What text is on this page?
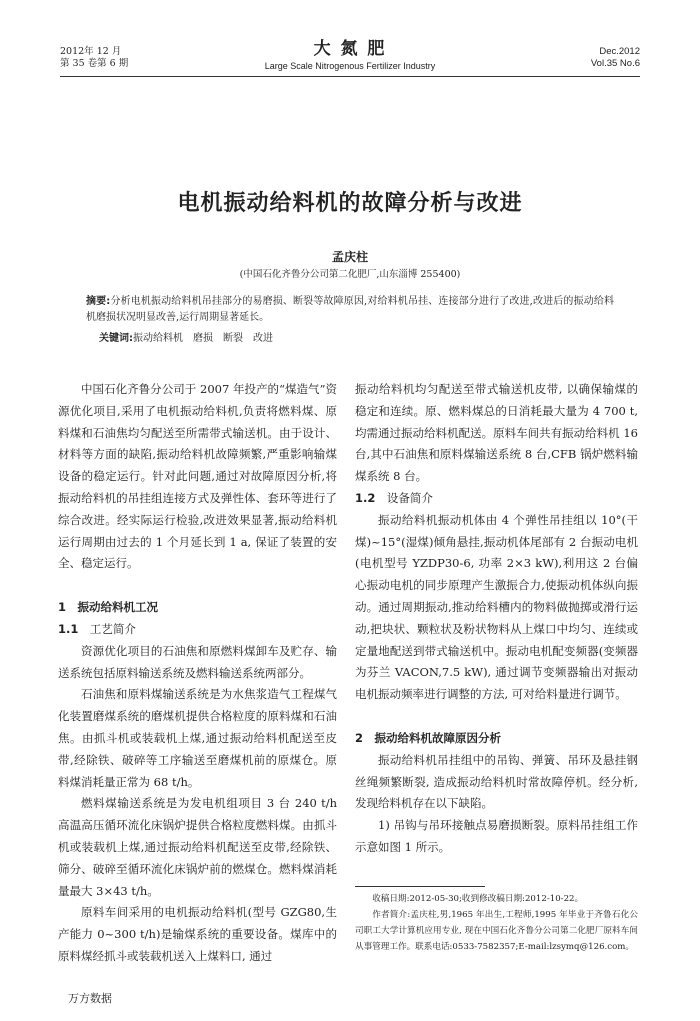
2012年 12 月
第 35 卷第 6 期
大 氮 肥
Large Scale Nitrogenous Fertilizer Industry
Dec.2012
Vol.35 No.6
电机振动给料机的故障分析与改进
孟庆柱
(中国石化齐鲁分公司第二化肥厂,山东淄博 255400)
摘要:分析电机振动给料机吊挂部分的易磨损、断裂等故障原因,对给料机吊挂、连接部分进行了改进,改进后的振动给料机磨损状况明显改善,运行周期显著延长。
关键词:振动给料机　磨损　断裂　改进

中国石化齐鲁分公司于 2007 年投产的“煤造气”资源优化项目,采用了电机振动给料机,负责将燃料煤、原料煤和石油焦均匀配送至所需带式输送机。由于设计、材料等方面的缺陷,振动给料机故障频繁,严重影响输煤设备的稳定运行。针对此问题,通过对故障原因分析,将振动给料机的吊挂组连接方式及弹性体、套环等进行了综合改进。经实际运行检验,改进效果显著,振动给料机运行周期由过去的 1 个月延长到 1 a, 保证了装置的安全、稳定运行。

1　 振动给料机工况
1.1　 工艺简介

资源优化项目的石油焦和原燃料煤卸车及贮存、输送系统包括原料输送系统及燃料输送系统两部分。

石油焦和原料煤输送系统是为水焦浆造气工程煤气化装置磨煤系统的磨煤机提供合格粒度的原料煤和石油焦。由抓斗机或装载机上煤,通过振动给料机配送至皮带,经除铁、破碎等工序输送至磨煤机前的原煤仓。原料煤消耗量正常为 68 t/h。

燃料煤输送系统是为发电机组项目 3 台 240 t/h 高温高压循环流化床锅炉提供合格粒度燃料煤。由抓斗机或装载机上煤,通过振动给料机配送至皮带,经除铁、筛分、破碎至循环流化床锅炉前的燃煤仓。燃料煤消耗量最大 3×43 t/h。

原料车间采用的电机振动给料机(型号 GZG80,生产能力 0~300 t/h)是输煤系统的重要设备。煤库中的原料煤经抓斗或装载机送入上煤料口, 通过

振动给料机均匀配送至带式输送机皮带, 以确保输煤的稳定和连续。原、燃料煤总的日消耗最大量为 4 700 t,均需通过振动给料机配送。原料车间共有振动给料机 16 台,其中石油焦和原料煤输送系统 8 台,CFB 锅炉燃料输煤系统 8 台。

1.2　 设备简介

振动给料机振动机体由 4 个弹性吊挂组以 10°(干煤)~15°(湿煤)倾角悬挂,振动机体尾部有 2 台振动电机 (电机型号 YZDP30-6, 功率 2×3 kW),利用这 2 台偏心振动电机的同步原理产生激振合力,使振动机体纵向振动。通过周期振动,推动给料槽内的物料做抛掷或滑行运动,把块状、颗粒状及粉状物料从上煤口中均匀、连续或定量地配送到带式输送机中。振动电机配变频器(变频器为芬兰 VACON,7.5 kW), 通过调节变频器输出对振动电机振动频率进行调整的方法, 可对给料量进行调节。

2　 振动给料机故障原因分析

振动给料机吊挂组中的吊钩、弹簧、吊环及悬挂钢丝绳频繁断裂, 造成振动给料机时常故障停机。经分析,发现给料机存在以下缺陷。

1) 吊钩与吊环接触点易磨损断裂。原料吊挂组工作示意如图 1 所示。

收稿日期:2012-05-30;收到修改稿日期:2012-10-22。

作者简介:孟庆柱,男,1965 年出生,工程师,1995 年毕业于齐鲁石化公司职工大学计算机应用专业, 现在中国石化齐鲁分公司第二化肥厂原料车间从事管理工作。联系电话:0533-7582357;E-mail:lzsymq@126.com。

万方数据
